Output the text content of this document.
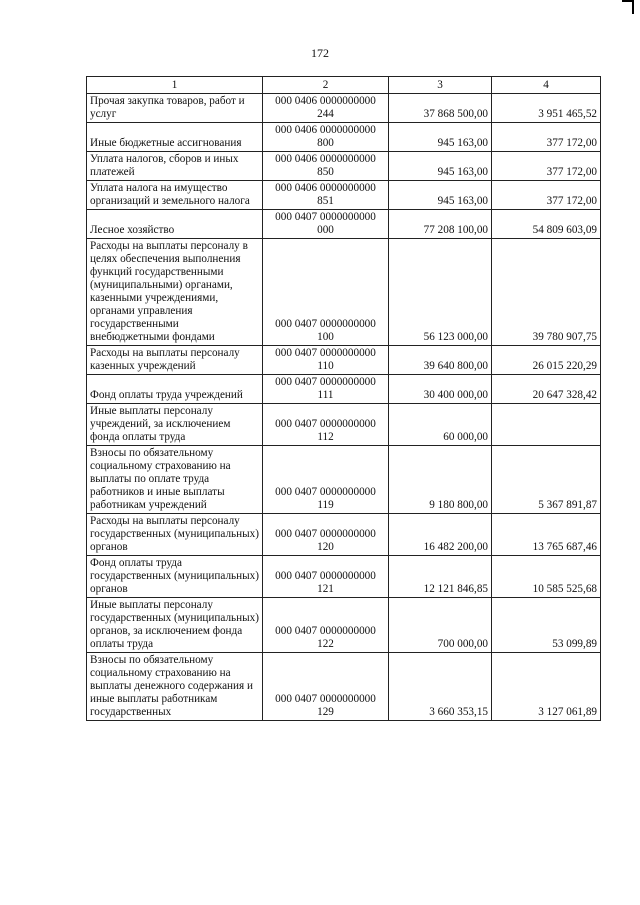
172
1	2	3	4
Прочая закупка товаров, работ и услуг	000 0406 0000000000 244	37 868 500,00	3 951 465,52
Иные бюджетные ассигнования	000 0406 0000000000 800	945 163,00	377 172,00
Уплата налогов, сборов и иных платежей	000 0406 0000000000 850	945 163,00	377 172,00
Уплата налога на имущество организаций и земельного налога	000 0406 0000000000 851	945 163,00	377 172,00
Лесное хозяйство	000 0407 0000000000 000	77 208 100,00	54 809 603,09
Расходы на выплаты персоналу в целях обеспечения выполнения функций государственными (муниципальными) органами, казенными учреждениями, органами управления государственными внебюджетными фондами	000 0407 0000000000 100	56 123 000,00	39 780 907,75
Расходы на выплаты персоналу казенных учреждений	000 0407 0000000000 110	39 640 800,00	26 015 220,29
Фонд оплаты труда учреждений	000 0407 0000000000 111	30 400 000,00	20 647 328,42
Иные выплаты персоналу учреждений, за исключением фонда оплаты труда	000 0407 0000000000 112	60 000,00	
Взносы по обязательному социальному страхованию на выплаты по оплате труда работников и иные выплаты работникам учреждений	000 0407 0000000000 119	9 180 800,00	5 367 891,87
Расходы на выплаты персоналу государственных (муниципальных) органов	000 0407 0000000000 120	16 482 200,00	13 765 687,46
Фонд оплаты труда государственных (муниципальных) органов	000 0407 0000000000 121	12 121 846,85	10 585 525,68
Иные выплаты персоналу государственных (муниципальных) органов, за исключением фонда оплаты труда	000 0407 0000000000 122	700 000,00	53 099,89
Взносы по обязательному социальному страхованию на выплаты денежного содержания и иные выплаты работникам государственных	000 0407 0000000000 129	3 660 353,15	3 127 061,89
